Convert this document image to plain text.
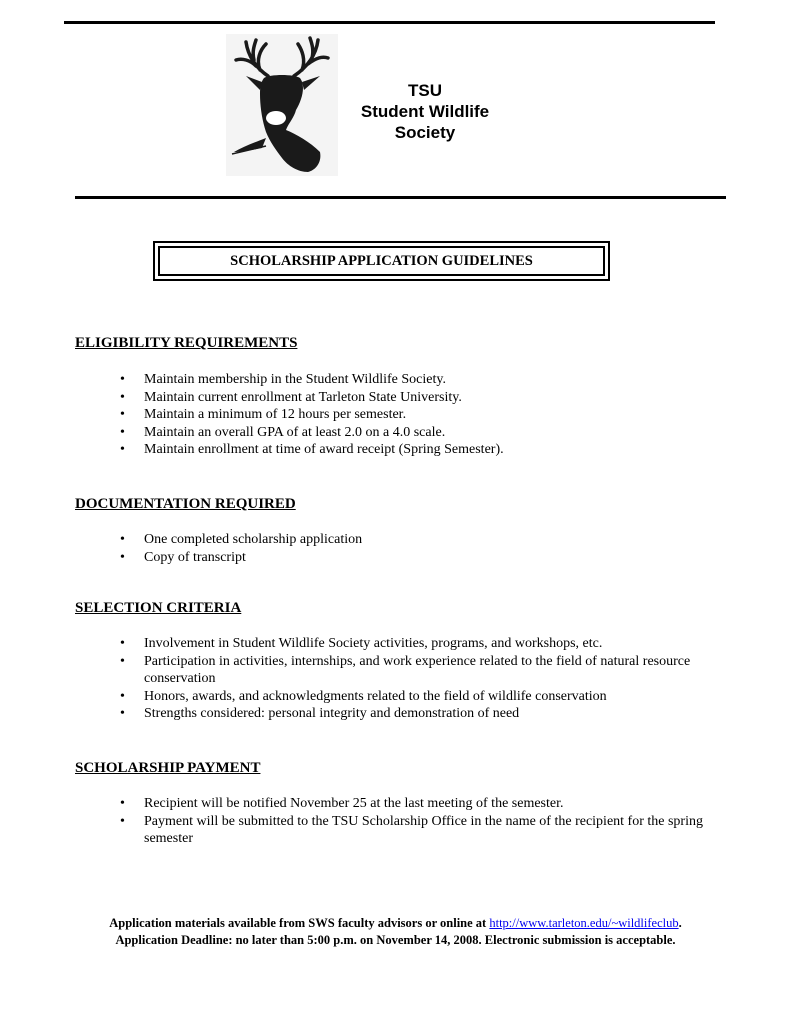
TSU
Student Wildlife
Society
SCHOLARSHIP APPLICATION GUIDELINES
ELIGIBILITY REQUIREMENTS
• Maintain membership in the Student Wildlife Society.
• Maintain current enrollment at Tarleton State University.
• Maintain a minimum of 12 hours per semester.
• Maintain an overall GPA of at least 2.0 on a 4.0 scale.
• Maintain enrollment at time of award receipt (Spring Semester).
DOCUMENTATION REQUIRED
• One completed scholarship application
• Copy of transcript
SELECTION CRITERIA
• Involvement in Student Wildlife Society activities, programs, and workshops, etc.
• Participation in activities, internships, and work experience related to the field of natural resource conservation
• Honors, awards, and acknowledgments related to the field of wildlife conservation
• Strengths considered: personal integrity and demonstration of need
SCHOLARSHIP PAYMENT
• Recipient will be notified November 25 at the last meeting of the semester.
• Payment will be submitted to the TSU Scholarship Office in the name of the recipient for the spring semester
Application materials available from SWS faculty advisors or online at http://www.tarleton.edu/~wildlifeclub.
Application Deadline: no later than 5:00 p.m. on November 14, 2008. Electronic submission is acceptable.
